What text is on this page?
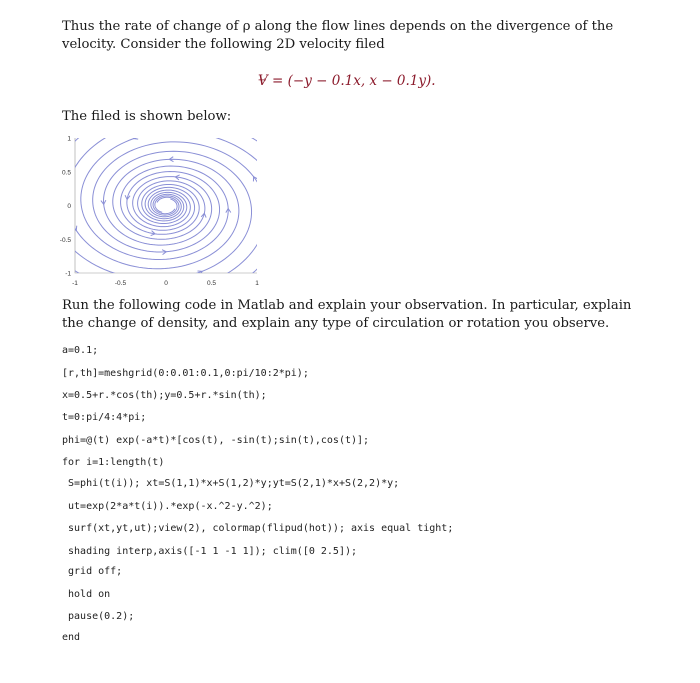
Thus the rate of change of ρ along the flow lines depends on the divergence of the velocity. Consider the following 2D velocity filed

V = (−y − 0.1x, x − 0.1y).

The filed is shown below:

-1	-0.5	0	0.5	1
1
0.5
0
-0.5
-1

Run the following code in Matlab and explain your observation. In particular, explain the change of density, and explain any type of circulation or rotation you observe.

a=0.1;
[r,th]=meshgrid(0:0.01:0.1,0:pi/10:2*pi);
x=0.5+r.*cos(th);y=0.5+r.*sin(th);
t=0:pi/4:4*pi;
phi=@(t) exp(-a*t)*[cos(t), -sin(t);sin(t),cos(t)];
for i=1:length(t)
S=phi(t(i)); xt=S(1,1)*x+S(1,2)*y;yt=S(2,1)*x+S(2,2)*y;
ut=exp(2*a*t(i)).*exp(-x.^2-y.^2);
surf(xt,yt,ut);view(2), colormap(flipud(hot)); axis equal tight;
shading interp,axis([-1 1 -1 1]); clim([0 2.5]);
grid off;
hold on
pause(0.2);
end
